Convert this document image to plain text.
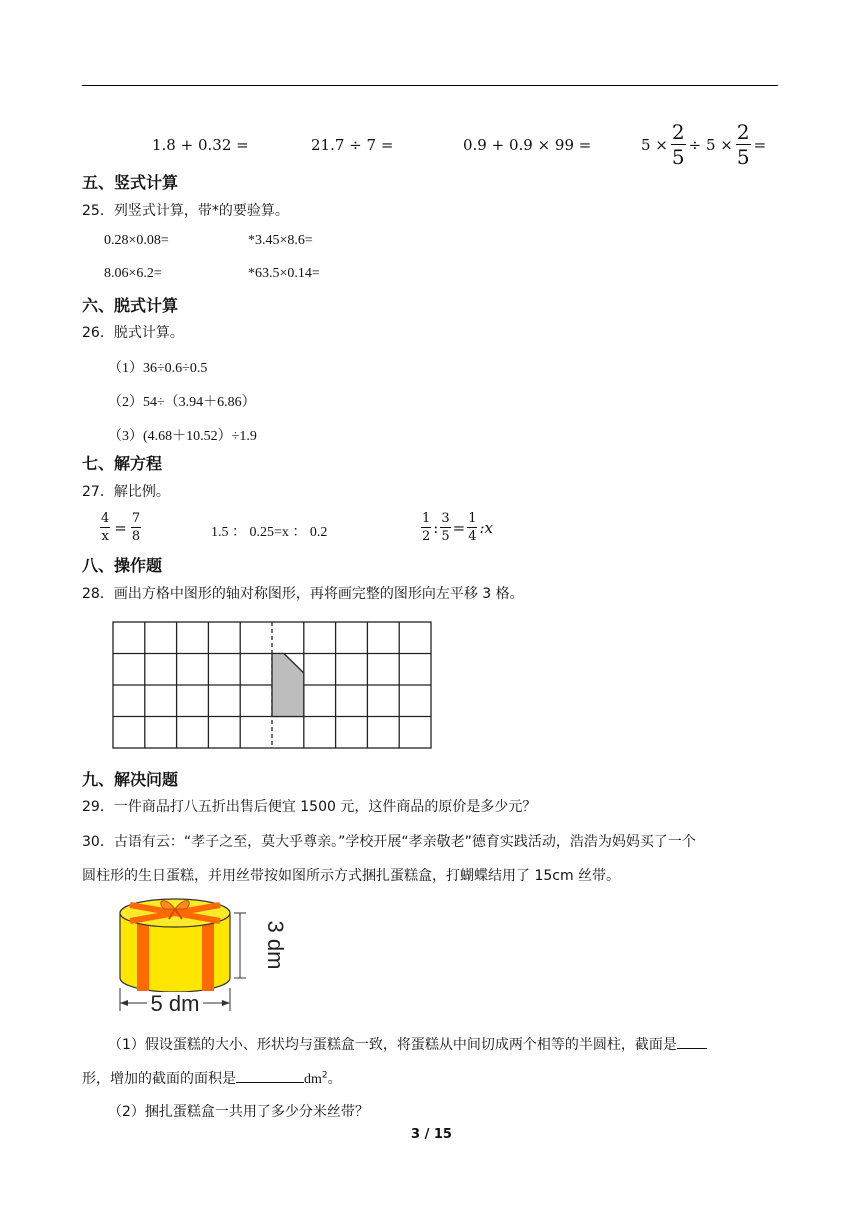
1.8 + 0.32 =	21.7 ÷ 7 =	0.9 + 0.9 × 99 =	$5 \times \frac{2}{5} \div 5 \times \frac{2}{5}$ =
五、竖式计算
25．列竖式计算，带*的要验算。
0.28×0.08=	*3.45×8.6=
8.06×6.2=	*63.5×0.14=
六、脱式计算
26．脱式计算。
（1）36÷0.6÷0.5
（2）54÷（3.94＋6.86）
（3）(4.68＋10.52）÷1.9
七、解方程
27．解比例。
$\frac{4}{x} = \frac{7}{8}$	1.5 ： 0.25=x ： 0.2	$\frac{1}{2}$ : $\frac{3}{5} = \frac{1}{4}$ :x
八、操作题
28．画出方格中图形的轴对称图形，再将画完整的图形向左平移 3 格。
九、解决问题
29．一件商品打八五折出售后便宜 1500 元，这件商品的原价是多少元？
30．古语有云：“孝子之至，莫大乎尊亲。”学校开展“孝亲敬老”德育实践活动，浩浩为妈妈买了一个
圆柱形的生日蛋糕，并用丝带按如图所示方式捆扎蛋糕盒，打蝴蝶结用了 15cm 丝带。
3 dm
5 dm
（1）假设蛋糕的大小、形状均与蛋糕盒一致，将蛋糕从中间切成两个相等的半圆柱，截面是
形，增加的截面的面积是	$dm^2$。
（2）捆扎蛋糕盒一共用了多少分米丝带？
3 / 15
